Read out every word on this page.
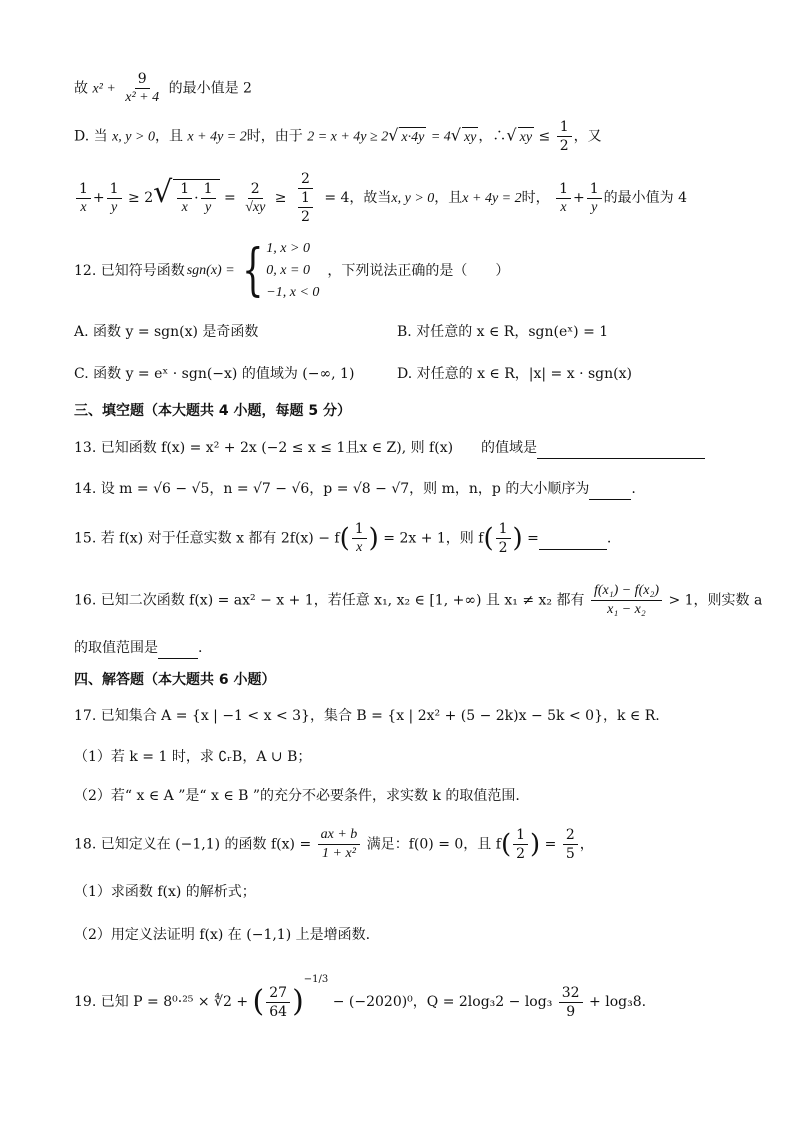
故 $x^2 + \frac{9}{\text{x² + 4}}$ 的最小值是 2
D. 当 x, y > 0，且 x + 4y = 2时，由于 2 = x + 4y ≥ 2√ x·4y = 4√ xy ，∴√ xy ≤ $\frac{1}{2}$ ，又
$\frac{1}{x} + \frac{1}{y} \ge 2√ \frac{1}{x} \cdot \frac{1}{y} = \frac{2}{√xy} \ge \frac{2}{\frac{1}{2}} = 4$，故当x, y > 0，且x + 4y = 2时， $\frac{1}{x} + \frac{1}{y}$ 的最小值为 4
12.
已知符号函数 sgn(x) = { 1, x > 0
0, x = 0
−1, x < 0
，下列说法正确的是（　　）
A. 函数 y = sgn(x) 是奇函数	B. 对任意的 x ∈ R，sgn(eˣ) = 1
C. 函数 y = eˣ · sgn(−x) 的值域为 (−∞, 1)	D. 对任意的 x ∈ R，|x| = x · sgn(x)
三、填空题（本大题共 4 小题，每题 5 分）
13. 已知函数 f(x) = x² + 2x (−2 ≤ x ≤ 1且x ∈ Z), 则 f(x)　　的值域是
14. 设 m = √6 − √5，n = √7 − √6，p = √8 − √7，则 m，n，p 的大小顺序为	.
15. 若 f(x) 对于任意实数 x 都有 $2f(x) - f( \frac{1}{x}$ ) = 2x + 1，则 $f( \frac{1}{2}$ ) =	.
16. 已知二次函数 f(x) = ax² − x + 1，若任意 x₁, x₂ ∈ [1, +∞) 且 x₁ ≠ x₂ 都有 $\frac{\text{f(x₁) − f(x₂)}}{\text{x₁ − x₂}} > 1$，则实数 a
的取值范围是	.
四、解答题（本大题共 6 小题）
17. 已知集合 A = {x | −1 < x < 3}，集合 B = {x | 2x² + (5 − 2k)x − 5k < 0}，k ∈ R.
（1）若 k = 1 时，求 ∁ᵣB，A ∪ B；
（2）若“ x ∈ A ”是“ x ∈ B ”的充分不必要条件，求实数 k 的取值范围.
18. 已知定义在 (−1,1) 的函数 $f(x) = \frac{ax + b}{\text{1 + x²}}$ 满足：f(0) = 0，且 $f( \frac{1}{2}$ ) = $\frac{2}{5}$ ，
（1）求函数 f(x) 的解析式；
（2）用定义法证明 f(x) 在 (−1,1) 上是增函数.
19. 已知 P = 8⁰·²⁵ × ∜2 + ( $\frac{27}{64} )^{-1/3} - (-2020)^0$，$Q = 2\log_32 - \log_3 \frac{32}{9} + \log_38$.
